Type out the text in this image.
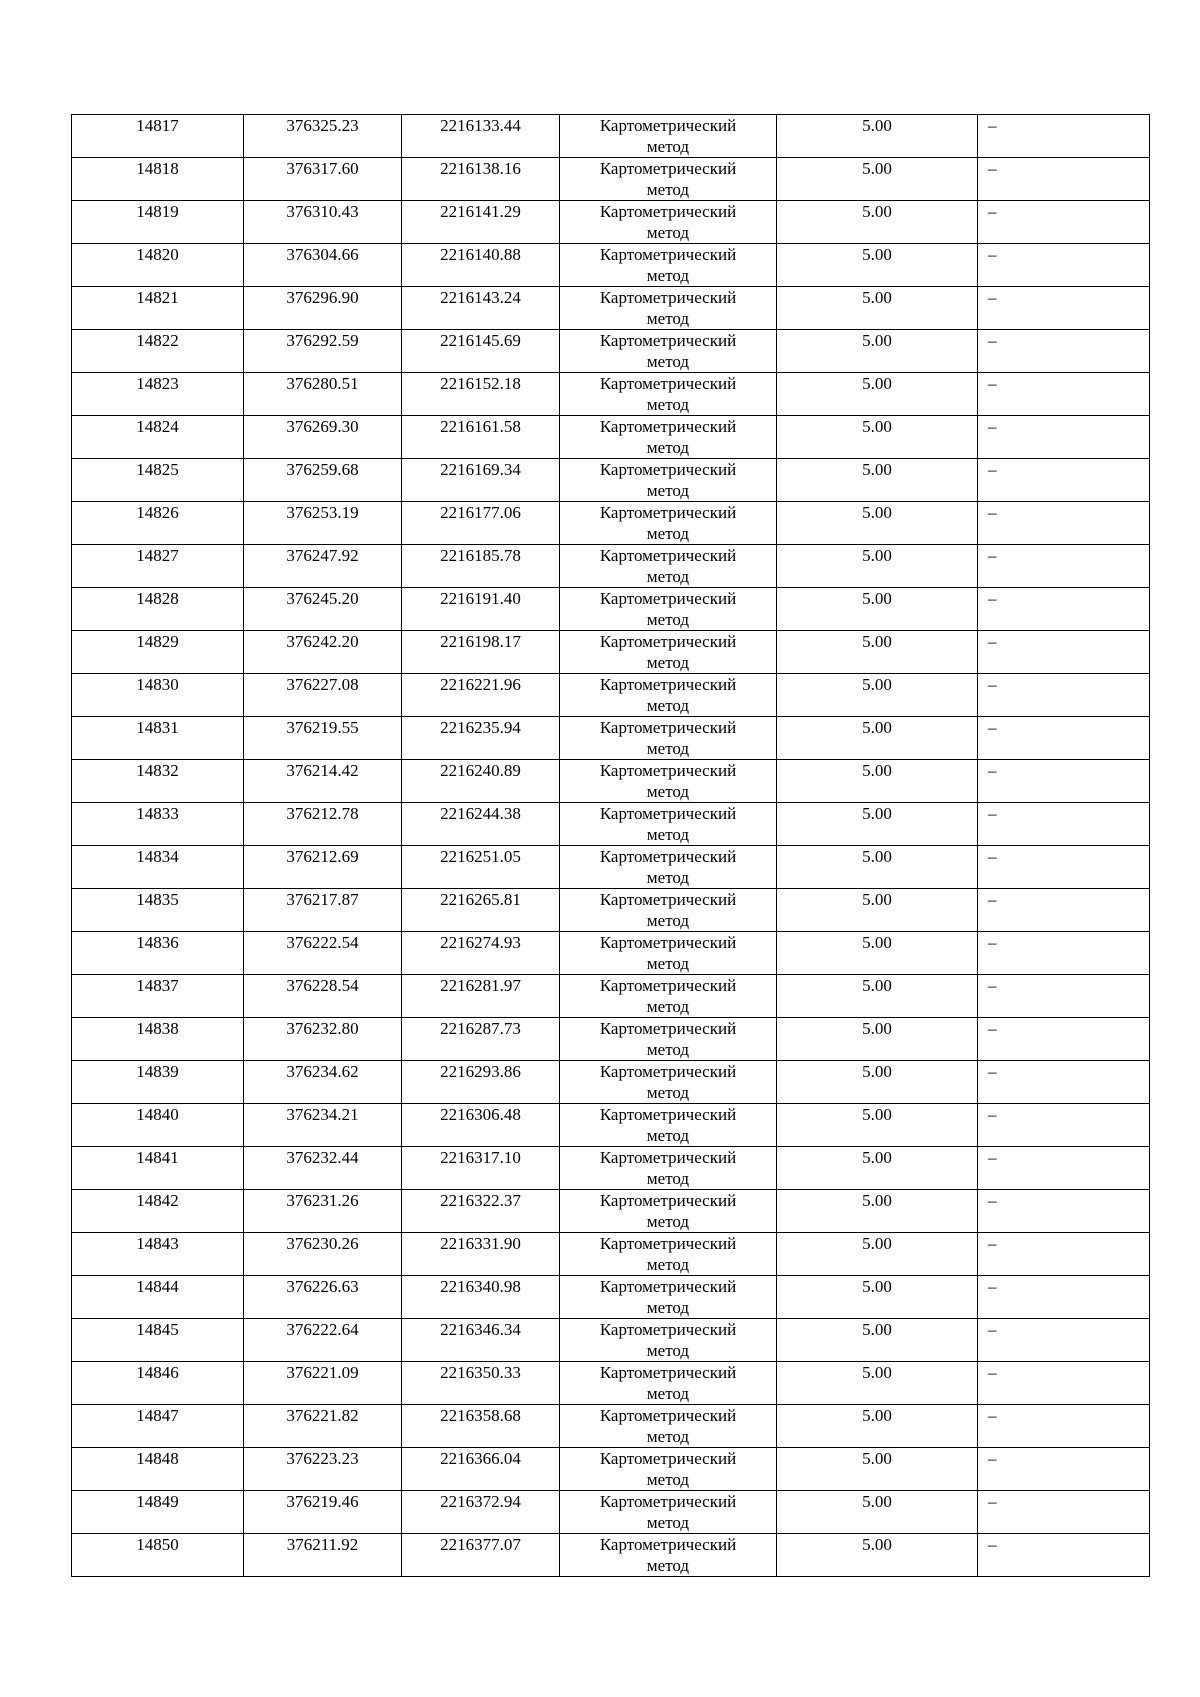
14817	376325.23	2216133.44	Картометрический
метод	5.00	–
14818	376317.60	2216138.16	Картометрический
метод	5.00	–
14819	376310.43	2216141.29	Картометрический
метод	5.00	–
14820	376304.66	2216140.88	Картометрический
метод	5.00	–
14821	376296.90	2216143.24	Картометрический
метод	5.00	–
14822	376292.59	2216145.69	Картометрический
метод	5.00	–
14823	376280.51	2216152.18	Картометрический
метод	5.00	–
14824	376269.30	2216161.58	Картометрический
метод	5.00	–
14825	376259.68	2216169.34	Картометрический
метод	5.00	–
14826	376253.19	2216177.06	Картометрический
метод	5.00	–
14827	376247.92	2216185.78	Картометрический
метод	5.00	–
14828	376245.20	2216191.40	Картометрический
метод	5.00	–
14829	376242.20	2216198.17	Картометрический
метод	5.00	–
14830	376227.08	2216221.96	Картометрический
метод	5.00	–
14831	376219.55	2216235.94	Картометрический
метод	5.00	–
14832	376214.42	2216240.89	Картометрический
метод	5.00	–
14833	376212.78	2216244.38	Картометрический
метод	5.00	–
14834	376212.69	2216251.05	Картометрический
метод	5.00	–
14835	376217.87	2216265.81	Картометрический
метод	5.00	–
14836	376222.54	2216274.93	Картометрический
метод	5.00	–
14837	376228.54	2216281.97	Картометрический
метод	5.00	–
14838	376232.80	2216287.73	Картометрический
метод	5.00	–
14839	376234.62	2216293.86	Картометрический
метод	5.00	–
14840	376234.21	2216306.48	Картометрический
метод	5.00	–
14841	376232.44	2216317.10	Картометрический
метод	5.00	–
14842	376231.26	2216322.37	Картометрический
метод	5.00	–
14843	376230.26	2216331.90	Картометрический
метод	5.00	–
14844	376226.63	2216340.98	Картометрический
метод	5.00	–
14845	376222.64	2216346.34	Картометрический
метод	5.00	–
14846	376221.09	2216350.33	Картометрический
метод	5.00	–
14847	376221.82	2216358.68	Картометрический
метод	5.00	–
14848	376223.23	2216366.04	Картометрический
метод	5.00	–
14849	376219.46	2216372.94	Картометрический
метод	5.00	–
14850	376211.92	2216377.07	Картометрический
метод	5.00	–
